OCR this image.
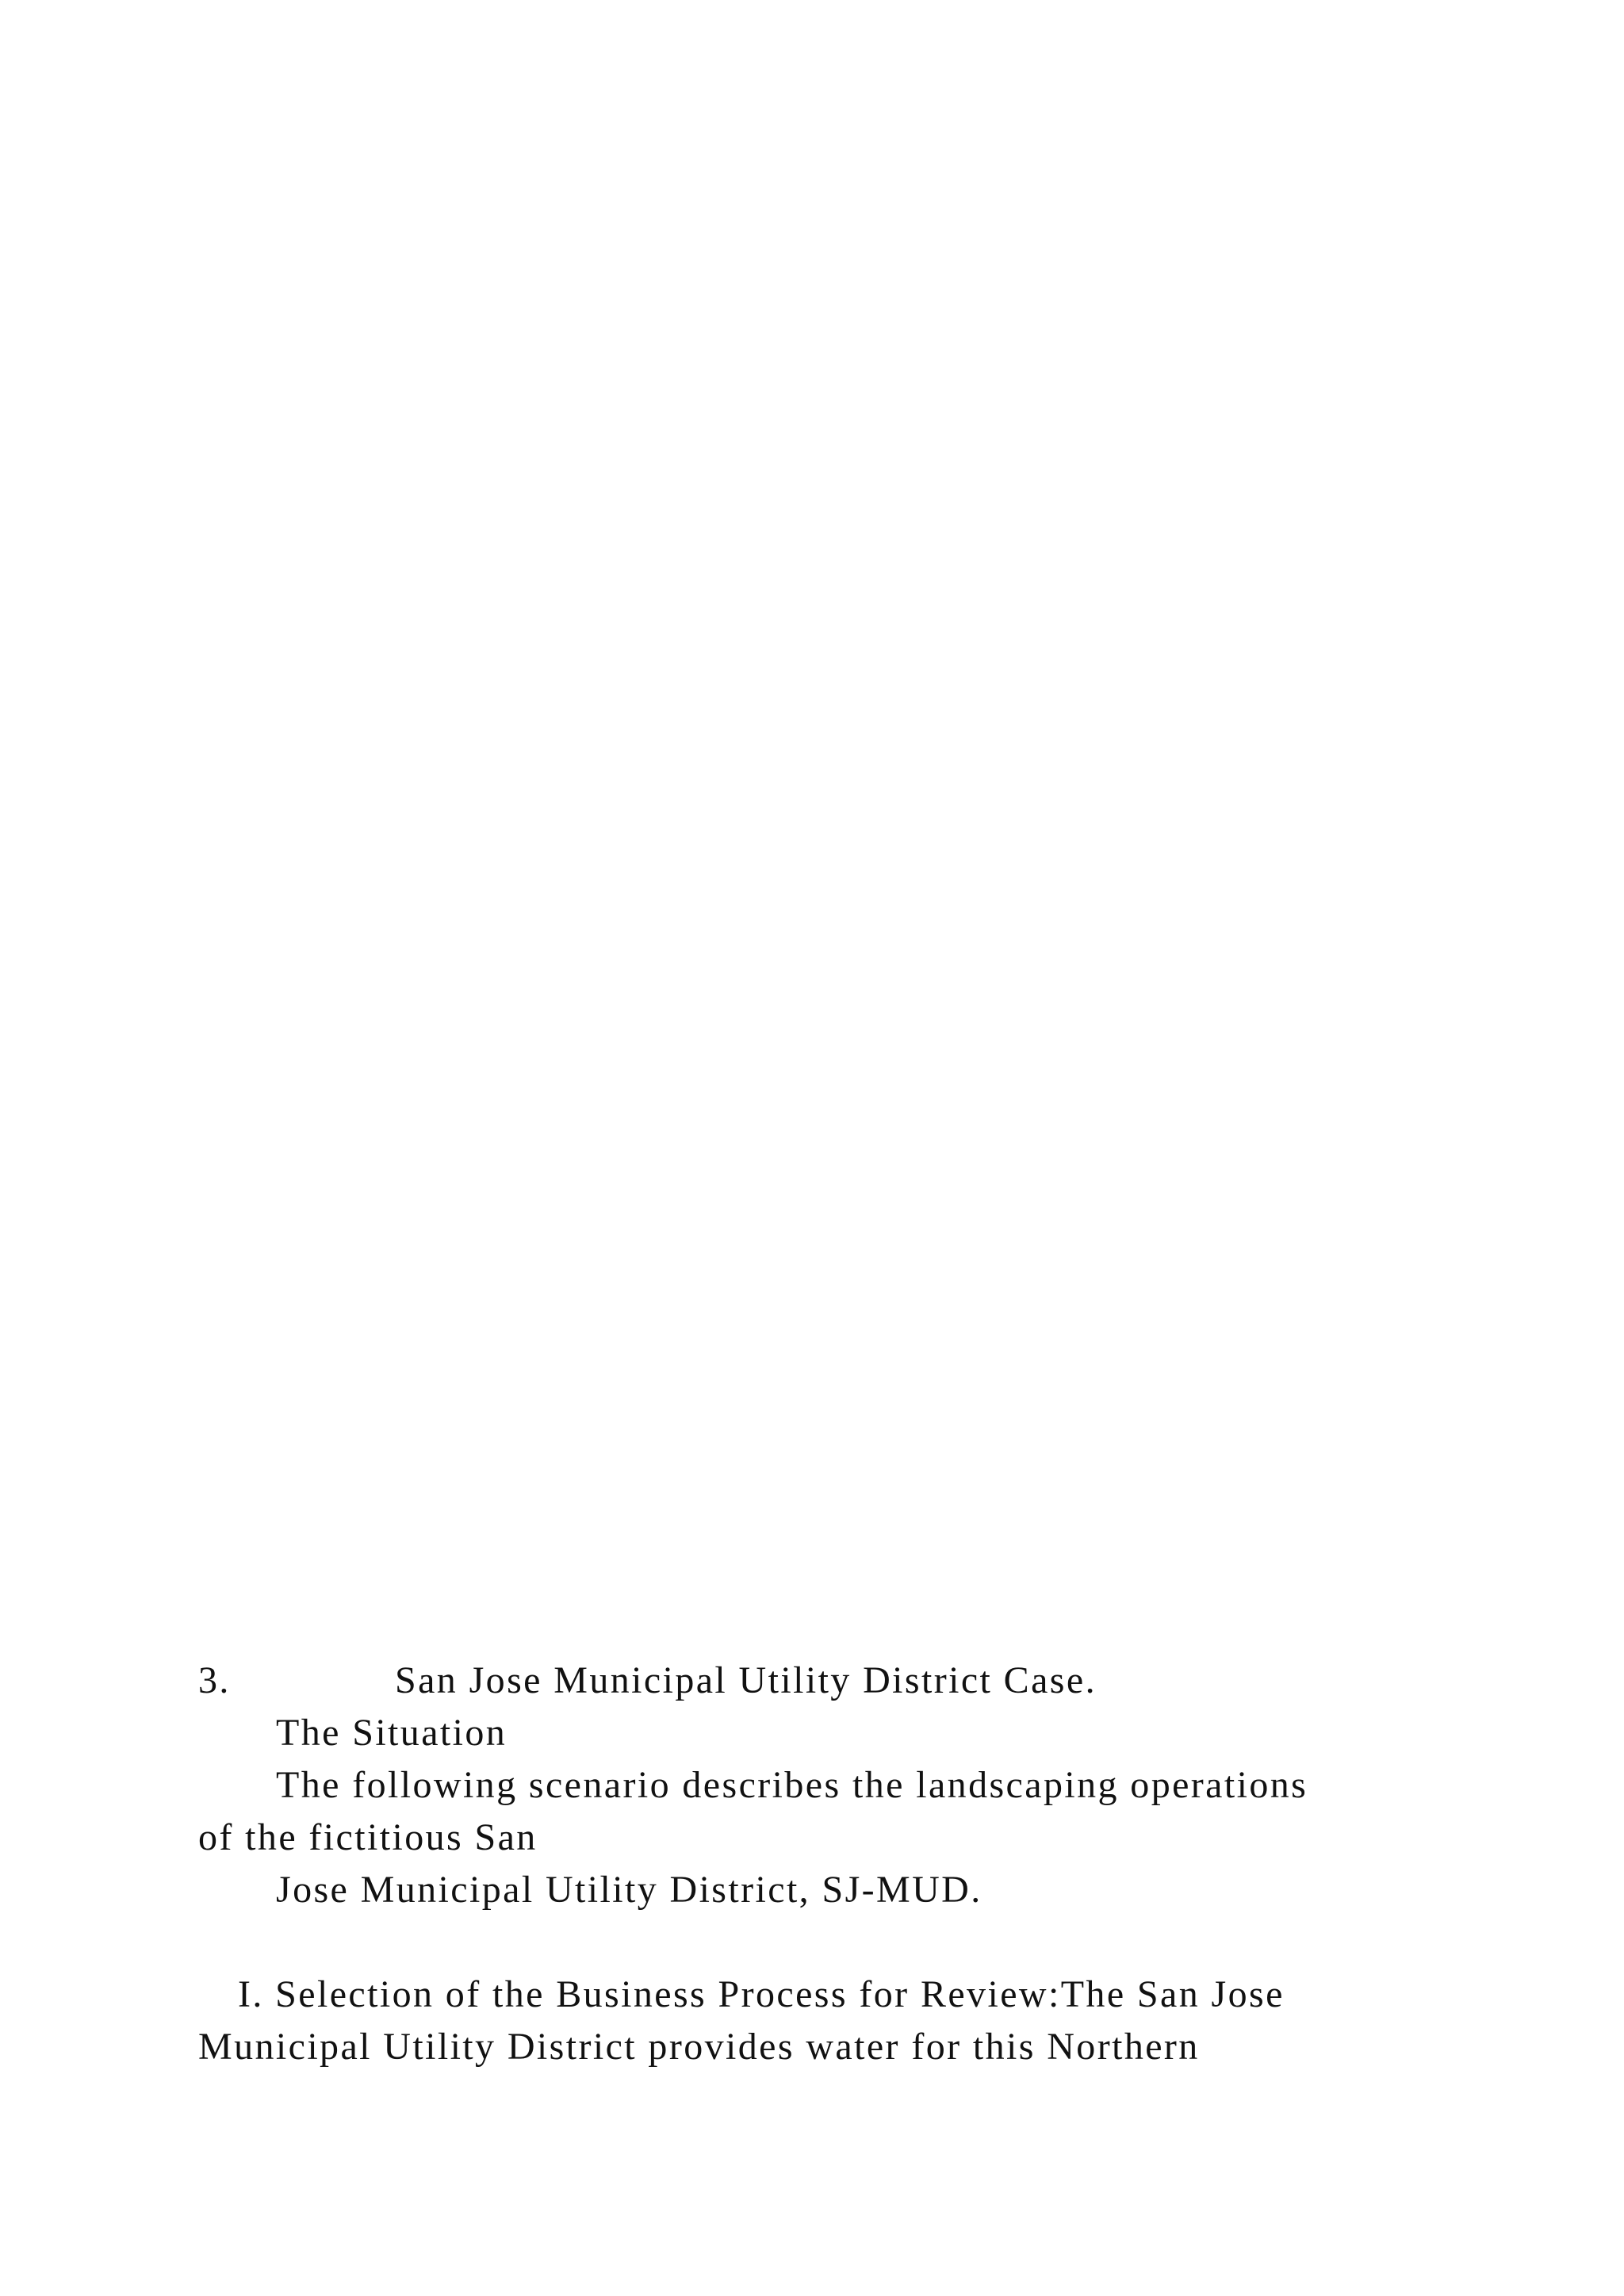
3.	San Jose Municipal Utility District Case.
The Situation
The following scenario describes the landscaping operations
of the fictitious San
Jose Municipal Utility District, SJ-MUD.
I. Selection of the Business Process for Review:The San Jose
Municipal Utility District provides water for this Northern
